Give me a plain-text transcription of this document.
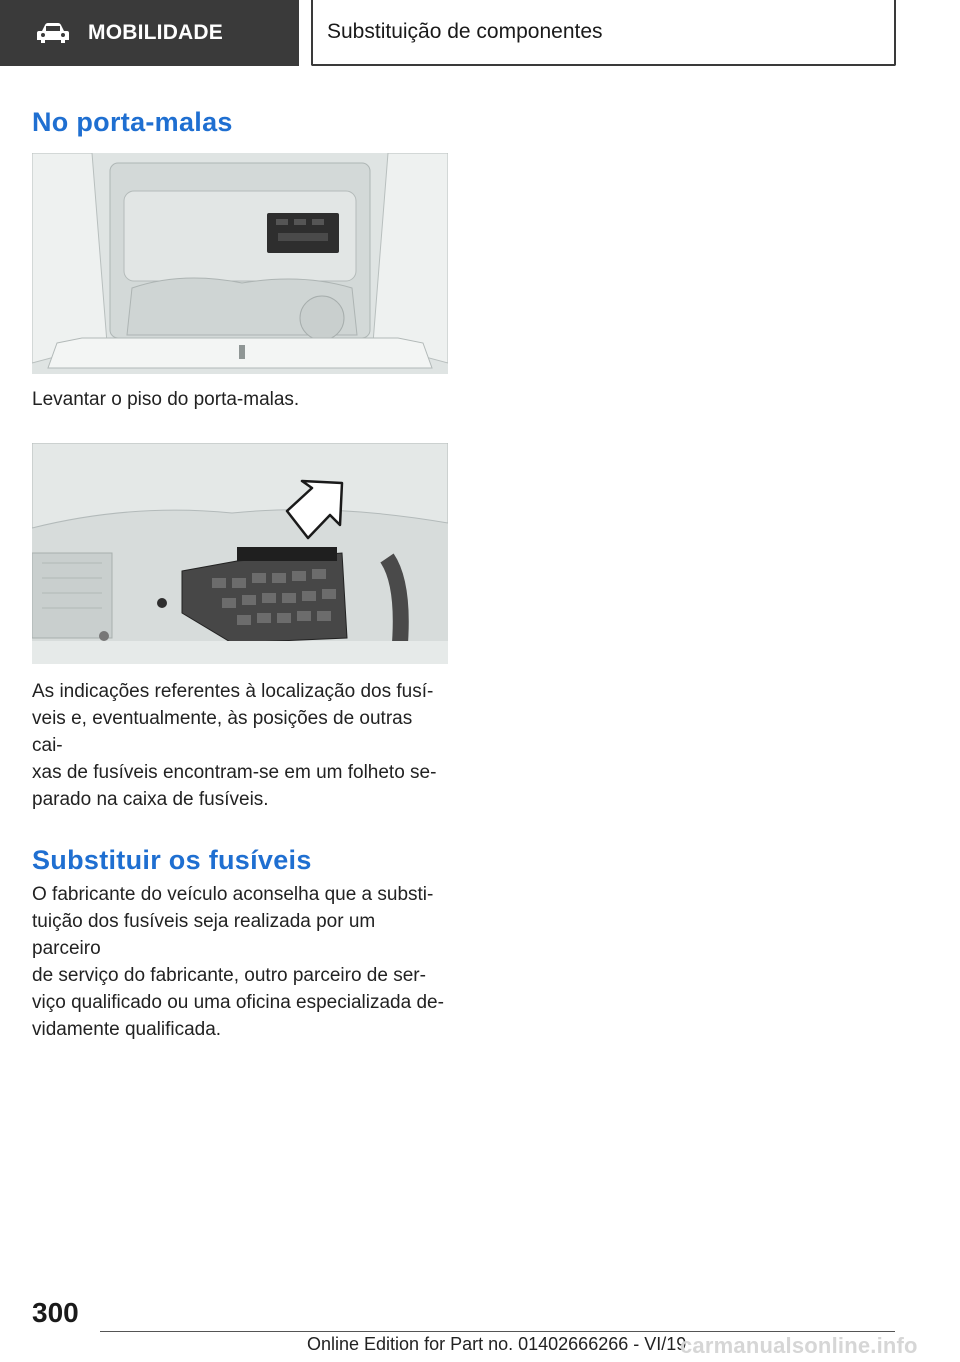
MOBILIDADE	Substituição de componentes
No porta-malas

Levantar o piso do porta-malas.

As indicações referentes à localização dos fusí-
veis e, eventualmente, às posições de outras cai-
xas de fusíveis encontram-se em um folheto se-
parado na caixa de fusíveis.

Substituir os fusíveis

O fabricante do veículo aconselha que a substi-
tuição dos fusíveis seja realizada por um parceiro
de serviço do fabricante, outro parceiro de ser-
viço qualificado ou uma oficina especializada de-
vidamente qualificada.

300
Online Edition for Part no. 01402666266 - VI/19
carmanualsonline.info
